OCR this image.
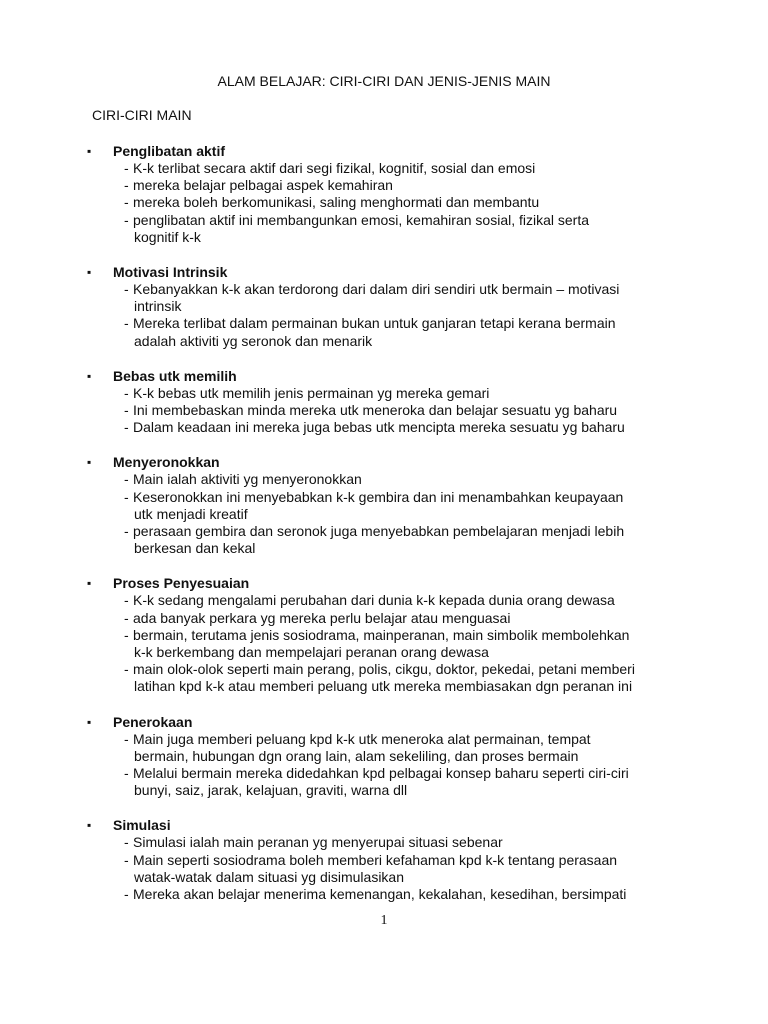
ALAM BELAJAR: CIRI-CIRI DAN JENIS-JENIS MAIN
CIRI-CIRI MAIN
▪ Penglibatan aktif
- K-k terlibat secara aktif dari segi fizikal, kognitif, sosial dan emosi
- mereka belajar pelbagai aspek kemahiran
- mereka boleh berkomunikasi, saling menghormati dan membantu
- penglibatan aktif ini membangunkan emosi, kemahiran sosial, fizikal serta
kognitif k-k
▪ Motivasi Intrinsik
- Kebanyakkan k-k akan terdorong dari dalam diri sendiri utk bermain – motivasi
intrinsik
- Mereka terlibat dalam permainan bukan untuk ganjaran tetapi kerana bermain
adalah aktiviti yg seronok dan menarik
▪ Bebas utk memilih
- K-k bebas utk memilih jenis permainan yg mereka gemari
- Ini membebaskan minda mereka utk meneroka dan belajar sesuatu yg baharu
- Dalam keadaan ini mereka juga bebas utk mencipta mereka sesuatu yg baharu
▪ Menyeronokkan
- Main ialah aktiviti yg menyeronokkan
- Keseronokkan ini menyebabkan k-k gembira dan ini menambahkan keupayaan
utk menjadi kreatif
- perasaan gembira dan seronok juga menyebabkan pembelajaran menjadi lebih
berkesan dan kekal
▪ Proses Penyesuaian
- K-k sedang mengalami perubahan dari dunia k-k kepada dunia orang dewasa
- ada banyak perkara yg mereka perlu belajar atau menguasai
- bermain, terutama jenis sosiodrama, mainperanan, main simbolik membolehkan
k-k berkembang dan mempelajari peranan orang dewasa
- main olok-olok seperti main perang, polis, cikgu, doktor, pekedai, petani memberi
latihan kpd k-k atau memberi peluang utk mereka membiasakan dgn peranan ini
▪ Penerokaan
- Main juga memberi peluang kpd k-k utk meneroka alat permainan, tempat
bermain, hubungan dgn orang lain, alam sekeliling, dan proses bermain
- Melalui bermain mereka didedahkan kpd pelbagai konsep baharu seperti ciri-ciri
bunyi, saiz, jarak, kelajuan, graviti, warna dll
▪ Simulasi
- Simulasi ialah main peranan yg menyerupai situasi sebenar
- Main seperti sosiodrama boleh memberi kefahaman kpd k-k tentang perasaan
watak-watak dalam situasi yg disimulasikan
- Mereka akan belajar menerima kemenangan, kekalahan, kesedihan, bersimpati
1
